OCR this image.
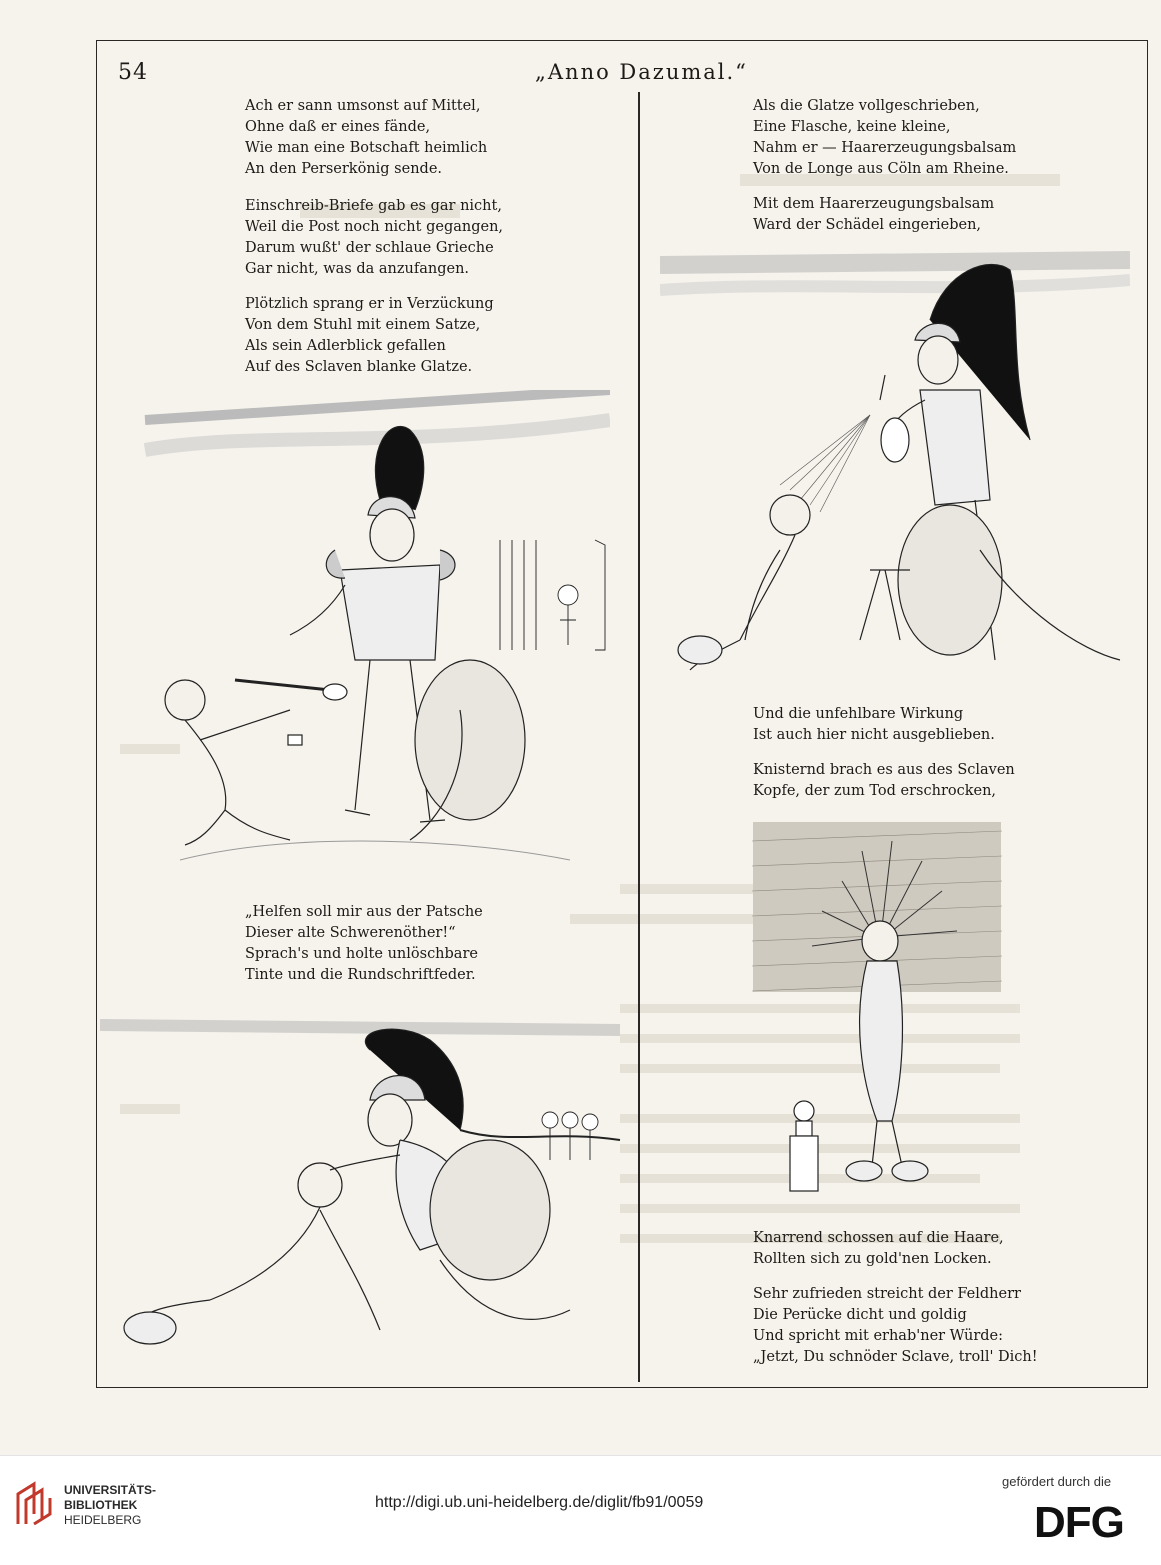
54	„Anno Dazumal.“

Ach er sann umsonst auf Mittel,
Ohne daß er eines fände,
Wie man eine Botschaft heimlich
An den Perserkönig sende.

Einschreib-Briefe gab es gar nicht,
Weil die Post noch nicht gegangen,
Darum wußt' der schlaue Grieche
Gar nicht, was da anzufangen.

Plötzlich sprang er in Verzückung
Von dem Stuhl mit einem Satze,
Als sein Adlerblick gefallen
Auf des Sclaven blanke Glatze.

„Helfen soll mir aus der Patsche
Dieser alte Schwerenöther!“
Sprach's und holte unlöschbare
Tinte und die Rundschriftfeder.

Als die Glatze vollgeschrieben,
Eine Flasche, keine kleine,
Nahm er — Haarerzeugungsbalsam
Von de Longe aus Cöln am Rheine.

Mit dem Haarerzeugungsbalsam
Ward der Schädel eingerieben,

Und die unfehlbare Wirkung
Ist auch hier nicht ausgeblieben.

Knisternd brach es aus des Sclaven
Kopfe, der zum Tod erschrocken,

Knarrend schossen auf die Haare,
Rollten sich zu gold'nen Locken.

Sehr zufrieden streicht der Feldherr
Die Perücke dicht und goldig
Und spricht mit erhab'ner Würde:
„Jetzt, Du schnöder Sclave, troll' Dich!

UNIVERSITÄTS-
BIBLIOTHEK
HEIDELBERG
http://digi.ub.uni-heidelberg.de/diglit/fb91/0059
gefördert durch die
DFG
